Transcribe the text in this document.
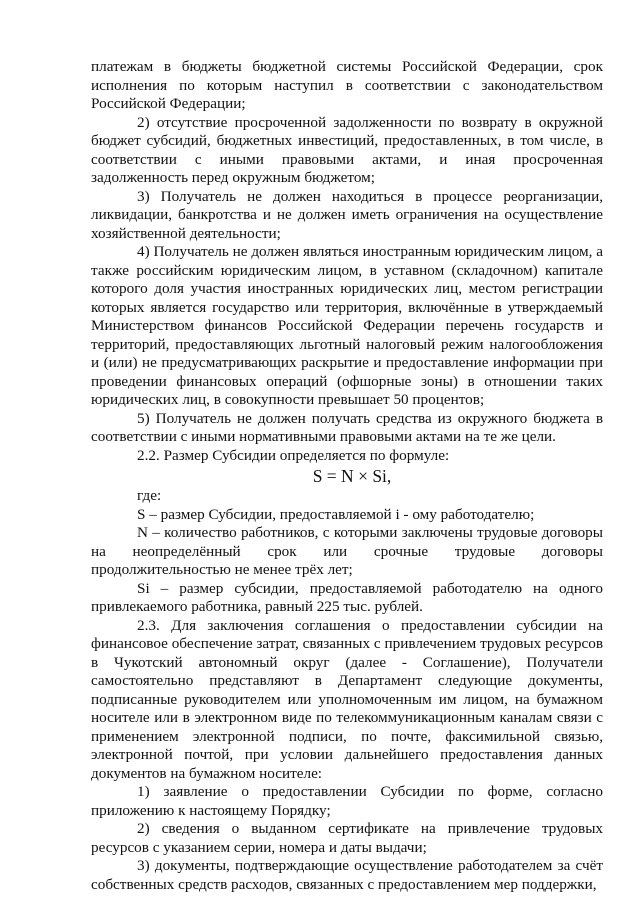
платежам в бюджеты бюджетной системы Российской Федерации, срок исполнения по которым наступил в соответствии с законодательством Российской Федерации;

2) отсутствие просроченной задолженности по возврату в окружной бюджет субсидий, бюджетных инвестиций, предоставленных, в том числе, в соответствии с иными правовыми актами, и иная просроченная задолженность перед окружным бюджетом;

3) Получатель не должен находиться в процессе реорганизации, ликвидации, банкротства и не должен иметь ограничения на осуществление хозяйственной деятельности;

4) Получатель не должен являться иностранным юридическим лицом, а также российским юридическим лицом, в уставном (складочном) капитале которого доля участия иностранных юридических лиц, местом регистрации которых является государство или территория, включённые в утверждаемый Министерством финансов Российской Федерации перечень государств и территорий, предоставляющих льготный налоговый режим налогообложения и (или) не предусматривающих раскрытие и предоставление информации при проведении финансовых операций (офшорные зоны) в отношении таких юридических лиц, в совокупности превышает 50 процентов;

5) Получатель не должен получать средства из окружного бюджета в соответствии с иными нормативными правовыми актами на те же цели.

2.2. Размер Субсидии определяется по формуле:

S = N × Si,

где:

S – размер Субсидии, предоставляемой i - ому работодателю;

N – количество работников, с которыми заключены трудовые договоры на неопределённый срок или срочные трудовые договоры продолжительностью не менее трёх лет;

Si – размер субсидии, предоставляемой работодателю на одного привлекаемого работника, равный 225 тыс. рублей.

2.3. Для заключения соглашения о предоставлении субсидии на финансовое обеспечение затрат, связанных с привлечением трудовых ресурсов в Чукотский автономный округ (далее - Соглашение), Получатели самостоятельно представляют в Департамент следующие документы, подписанные руководителем или уполномоченным им лицом, на бумажном носителе или в электронном виде по телекоммуникационным каналам связи с применением электронной подписи, по почте, факсимильной связью, электронной почтой, при условии дальнейшего предоставления данных документов на бумажном носителе:

1) заявление о предоставлении Субсидии по форме, согласно приложению к настоящему Порядку;

2) сведения о выданном сертификате на привлечение трудовых ресурсов с указанием серии, номера и даты выдачи;

3) документы, подтверждающие осуществление работодателем за счёт собственных средств расходов, связанных с предоставлением мер поддержки,
